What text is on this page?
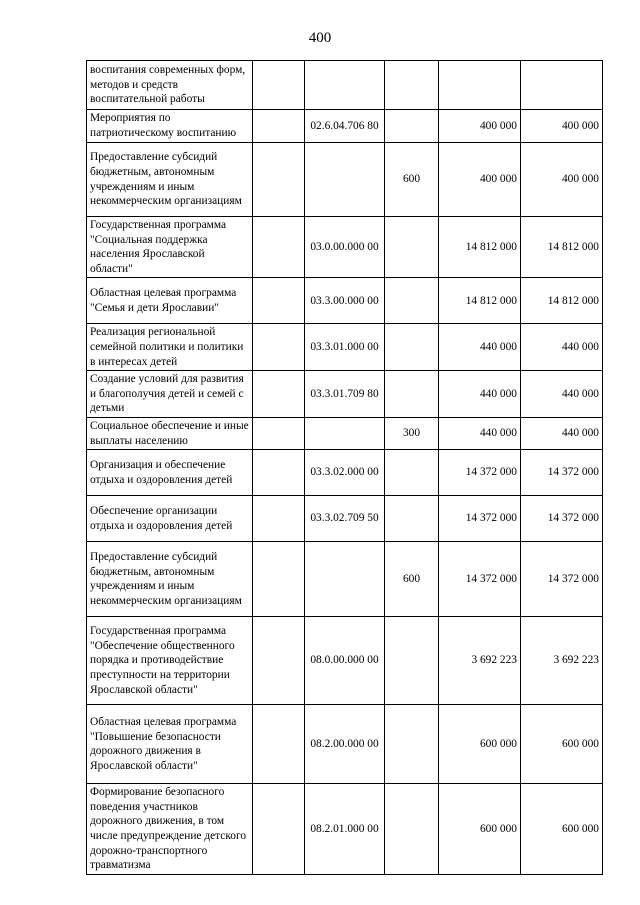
400
воспитания современных форм, методов и средств воспитательной работы					
Мероприятия по патриотическому воспитанию		02.6.04.706 80		400 000	400 000
Предоставление субсидий бюджетным, автономным учреждениям и иным некоммерческим организациям			600	400 000	400 000
Государственная программа "Социальная поддержка населения Ярославской области"		03.0.00.000 00		14 812 000	14 812 000
Областная целевая программа "Семья и дети Ярославии"		03.3.00.000 00		14 812 000	14 812 000
Реализация региональной семейной политики и политики в интересах детей		03.3.01.000 00		440 000	440 000
Создание условий для развития и благополучия детей и семей с детьми		03.3.01.709 80		440 000	440 000
Социальное обеспечение и иные выплаты населению			300	440 000	440 000
Организация и обеспечение отдыха и оздоровления детей		03.3.02.000 00		14 372 000	14 372 000
Обеспечение организации отдыха и оздоровления детей		03.3.02.709 50		14 372 000	14 372 000
Предоставление субсидий бюджетным, автономным учреждениям и иным некоммерческим организациям			600	14 372 000	14 372 000
Государственная программа "Обеспечение общественного порядка и противодействие преступности на территории Ярославской области"		08.0.00.000 00		3 692 223	3 692 223
Областная целевая программа "Повышение безопасности дорожного движения в Ярославской области"		08.2.00.000 00		600 000	600 000
Формирование безопасного поведения участников дорожного движения, в том числе предупреждение детского дорожно-транспортного травматизма		08.2.01.000 00		600 000	600 000
